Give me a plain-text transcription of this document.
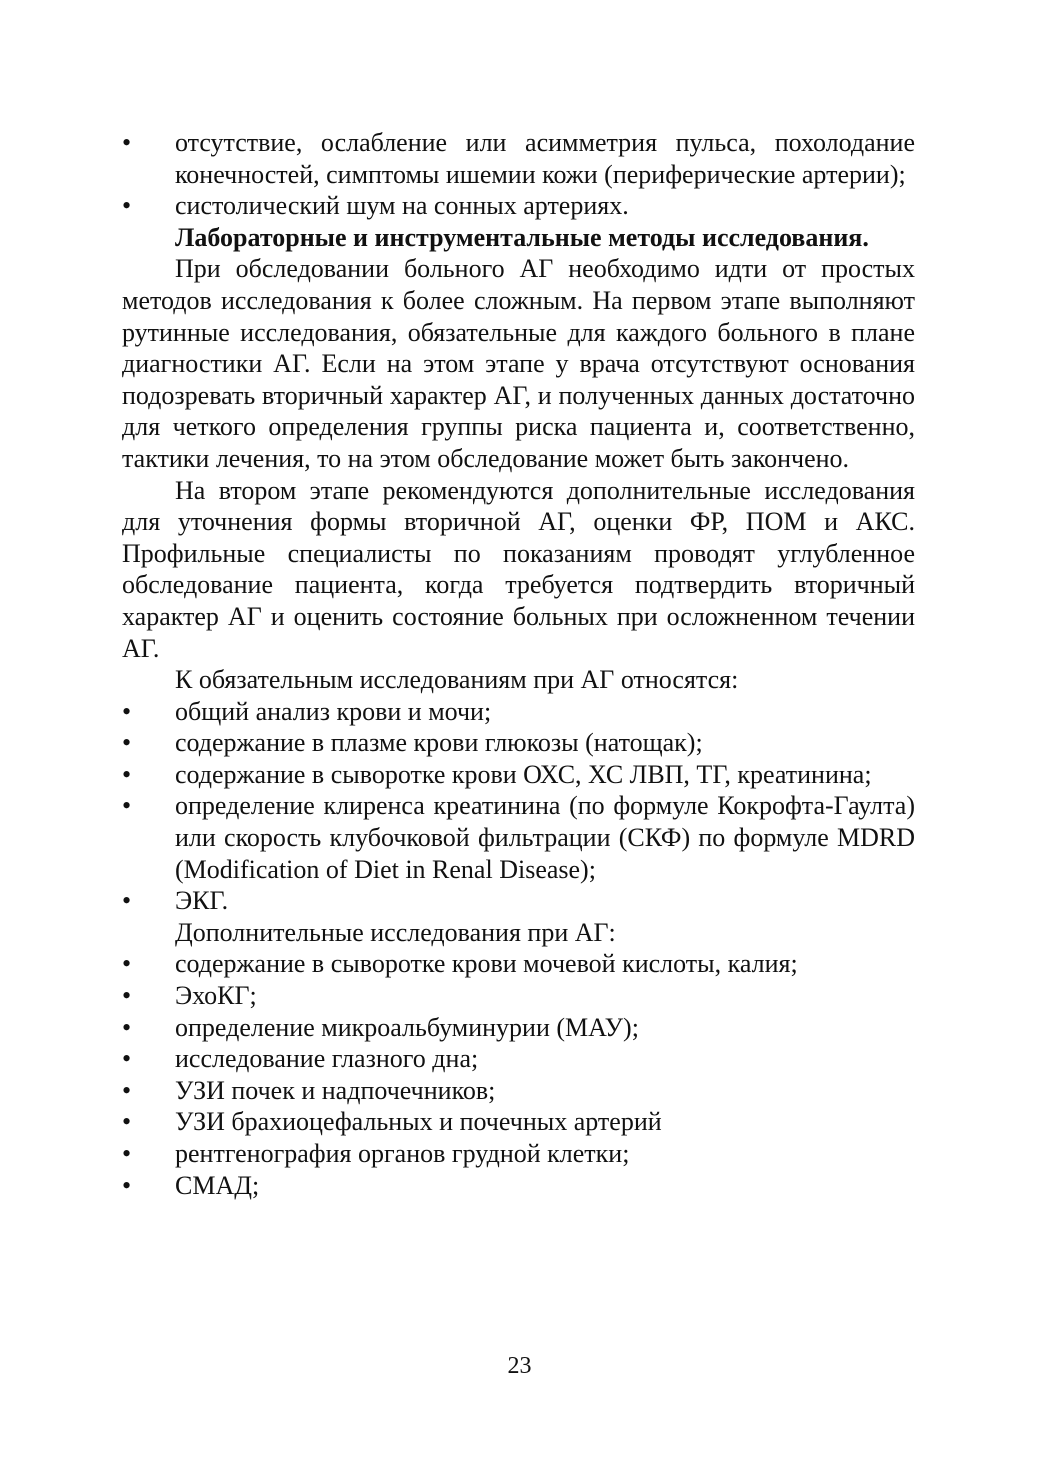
•	отсутствие, ослабление или асимметрия пульса, похолодание конечностей, симптомы ишемии кожи (периферические артерии);
•	систолический шум на сонных артериях.
Лабораторные и инструментальные методы исследования.
При обследовании больного АГ необходимо идти от простых методов исследования к более сложным. На первом этапе выполняют рутинные исследования, обязательные для каждого больного в плане диагностики АГ. Если на этом этапе у врача отсутствуют основания подозревать вторичный характер АГ, и полученных данных достаточно для четкого определения группы риска пациента и, соответственно, тактики лечения, то на этом обследование может быть закончено.
На втором этапе рекомендуются дополнительные исследования для уточнения формы вторичной АГ, оценки ФР, ПОМ и АКС. Профильные специалисты по показаниям проводят углубленное обследование пациента, когда требуется подтвердить вторичный характер АГ и оценить состояние больных при осложненном течении АГ.
К обязательным исследованиям при АГ относятся:
•	общий анализ крови и мочи;
•	содержание в плазме крови глюкозы (натощак);
•	содержание в сыворотке крови ОХС, ХС ЛВП, ТГ, креатинина;
•	определение клиренса креатинина (по формуле Кокрофта-Гаулта) или скорость клубочковой фильтрации (СКФ) по формуле MDRD (Modification of Diet in Renal Disease);
•	ЭКГ.
Дополнительные исследования при АГ:
•	содержание в сыворотке крови мочевой кислоты, калия;
•	ЭхоКГ;
•	определение микроальбуминурии (МАУ);
•	исследование глазного дна;
•	УЗИ почек и надпочечников;
•	УЗИ брахиоцефальных и почечных артерий
•	рентгенография органов грудной клетки;
•	СМАД;
23
